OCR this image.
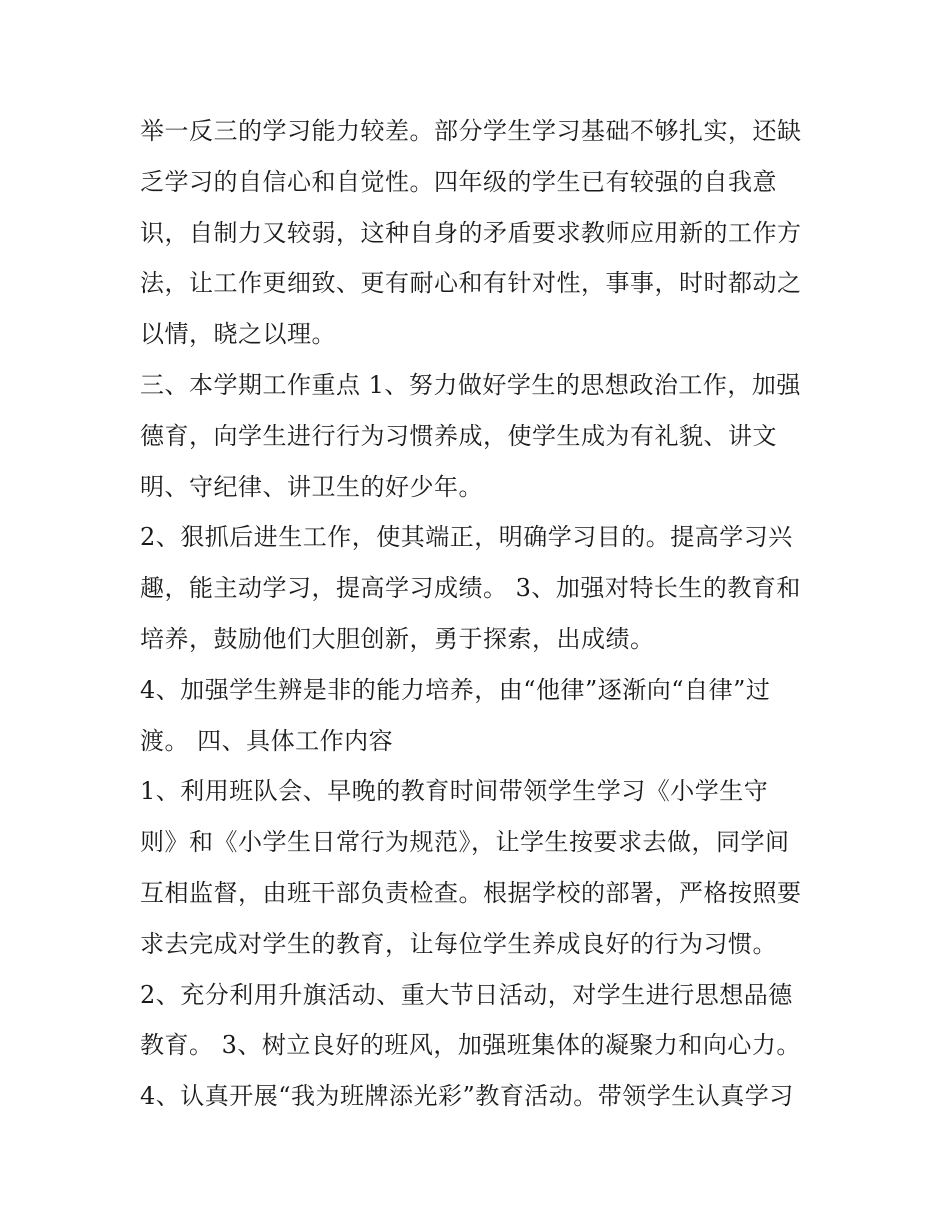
举一反三的学习能力较差。部分学生学习基础不够扎实，还缺
乏学习的自信心和自觉性。四年级的学生已有较强的自我意
识，自制力又较弱，这种自身的矛盾要求教师应用新的工作方
法，让工作更细致、更有耐心和有针对性，事事，时时都动之
以情，晓之以理。
三、本学期工作重点 1、努力做好学生的思想政治工作，加强
德育，向学生进行行为习惯养成，使学生成为有礼貌、讲文
明、守纪律、讲卫生的好少年。
2、狠抓后进生工作，使其端正，明确学习目的。提高学习兴
趣，能主动学习，提高学习成绩。 3、加强对特长生的教育和
培养，鼓励他们大胆创新，勇于探索，出成绩。
4、加强学生辨是非的能力培养，由“他律”逐渐向“自律”过
渡。 四、具体工作内容
1、利用班队会、早晚的教育时间带领学生学习《小学生守
则》和《小学生日常行为规范》，让学生按要求去做，同学间
互相监督，由班干部负责检查。根据学校的部署，严格按照要
求去完成对学生的教育，让每位学生养成良好的行为习惯。
2、充分利用升旗活动、重大节日活动，对学生进行思想品德
教育。 3、树立良好的班风，加强班集体的凝聚力和向心力。
4、认真开展“我为班牌添光彩”教育活动。带领学生认真学习
